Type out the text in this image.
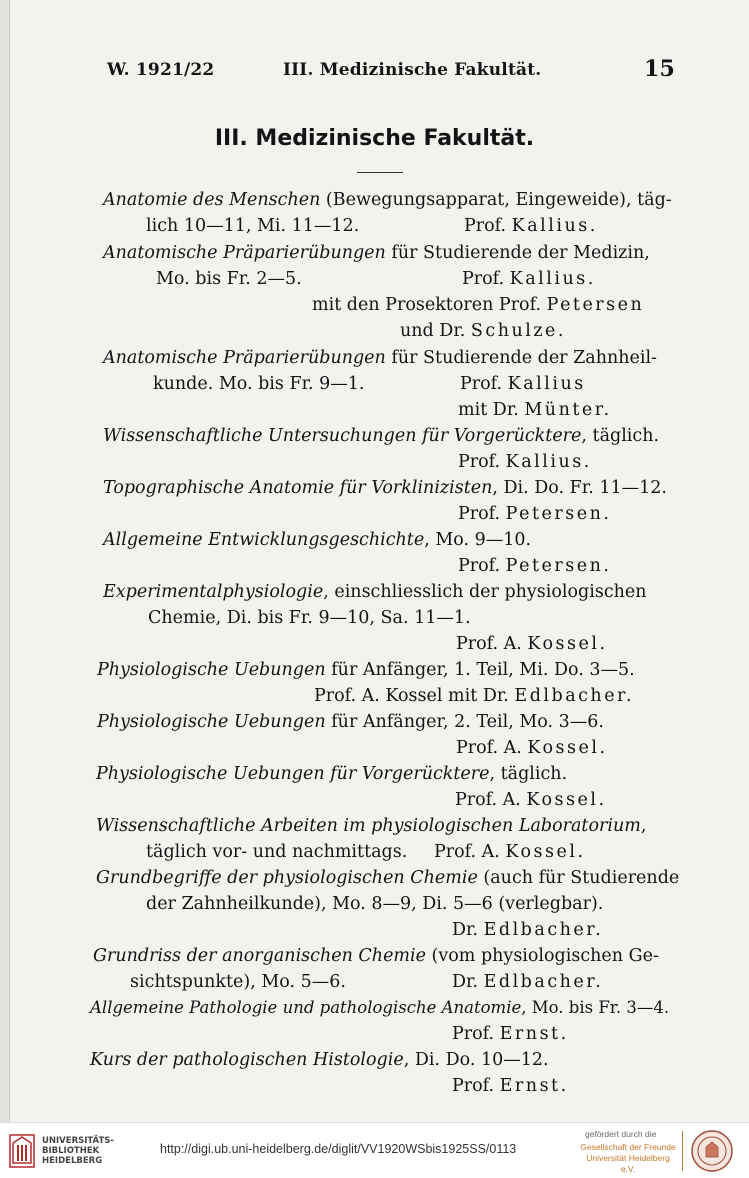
W. 1921/22	III. Medizinische Fakultät.	15
III. Medizinische Fakultät.
Anatomie des Menschen (Bewegungsapparat, Eingeweide), täg-
lich 10—11, Mi. 11—12.	Prof. Kallius.
Anatomische Präparierübungen für Studierende der Medizin,
Mo. bis Fr. 2—5.	Prof. Kallius.
mit den Prosektoren Prof. Petersen
und Dr. Schulze.
Anatomische Präparierübungen für Studierende der Zahnheil-
kunde. Mo. bis Fr. 9—1.	Prof. Kallius
mit Dr. Münter.
Wissenschaftliche Untersuchungen für Vorgerücktere, täglich.
Prof. Kallius.
Topographische Anatomie für Vorklinizisten, Di. Do. Fr. 11—12.
Prof. Petersen.
Allgemeine Entwicklungsgeschichte, Mo. 9—10.
Prof. Petersen.
Experimentalphysiologie, einschliesslich der physiologischen
Chemie, Di. bis Fr. 9—10, Sa. 11—1.
Prof. A. Kossel.
Physiologische Uebungen für Anfänger, 1. Teil, Mi. Do. 3—5.
Prof. A. Kossel mit Dr. Edlbacher.
Physiologische Uebungen für Anfänger, 2. Teil, Mo. 3—6.
Prof. A. Kossel.
Physiologische Uebungen für Vorgerücktere, täglich.
Prof. A. Kossel.
Wissenschaftliche Arbeiten im physiologischen Laboratorium,
täglich vor- und nachmittags. Prof. A. Kossel.
Grundbegriffe der physiologischen Chemie (auch für Studierende
der Zahnheilkunde), Mo. 8—9, Di. 5—6 (verlegbar).
Dr. Edlbacher.
Grundriss der anorganischen Chemie (vom physiologischen Ge-
sichtspunkte), Mo. 5—6.	Dr. Edlbacher.
Allgemeine Pathologie und pathologische Anatomie, Mo. bis Fr. 3—4.
Prof. Ernst.
Kurs der pathologischen Histologie, Di. Do. 10—12.
Prof. Ernst.
UNIVERSITÄTS-
BIBLIOTHEK
HEIDELBERG
http://digi.ub.uni-heidelberg.de/diglit/VV1920WSbis1925SS/0113
gefördert durch die
Gesellschaft der Freunde
Universität Heidelberg e.V.
